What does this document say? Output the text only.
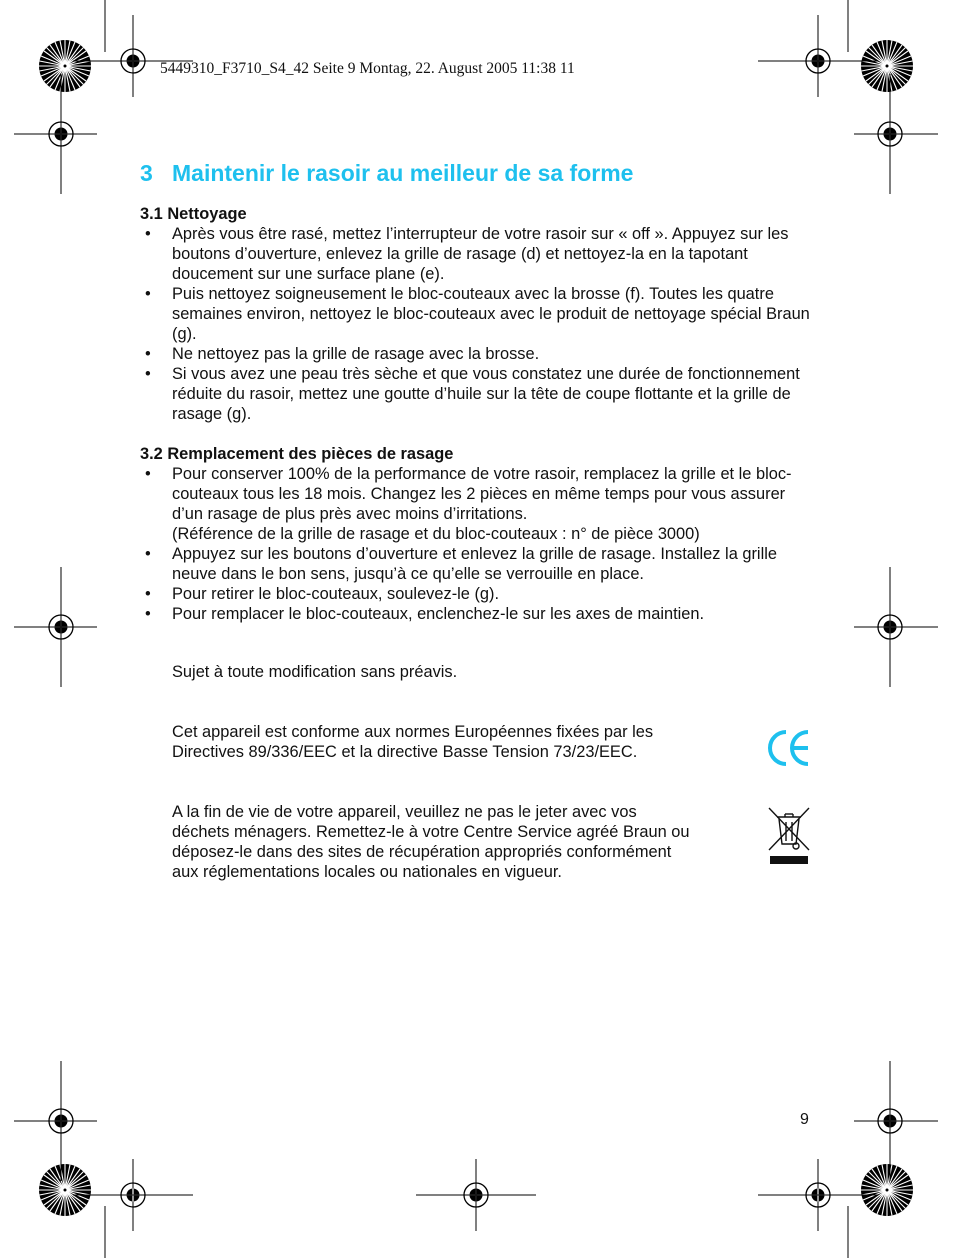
5449310_F3710_S4_42 Seite 9 Montag, 22. August 2005 11:38 11
3 Maintenir le rasoir au meilleur de sa forme

3.1 Nettoyage

• Après vous être rasé, mettez l’interrupteur de votre rasoir sur « off ». Appuyez sur les boutons d’ouverture, enlevez la grille de rasage (d) et nettoyez-la en la tapotant doucement sur une surface plane (e).
• Puis nettoyez soigneusement le bloc-couteaux avec la brosse (f). Toutes les quatre semaines environ, nettoyez le bloc-couteaux avec le produit de nettoyage spécial Braun (g).
• Ne nettoyez pas la grille de rasage avec la brosse.
• Si vous avez une peau très sèche et que vous constatez une durée de fonctionnement réduite du rasoir, mettez une goutte d’huile sur la tête de coupe flottante et la grille de rasage (g).

3.2 Remplacement des pièces de rasage

• Pour conserver 100% de la performance de votre rasoir, remplacez la grille et le bloc-couteaux tous les 18 mois. Changez les 2 pièces en même temps pour vous assurer d’un rasage de plus près avec moins d’irritations.
(Référence de la grille de rasage et du bloc-couteaux : n° de pièce 3000)
• Appuyez sur les boutons d’ouverture et enlevez la grille de rasage. Installez la grille neuve dans le bon sens, jusqu’à ce qu’elle se verrouille en place.
• Pour retirer le bloc-couteaux, soulevez-le (g).
• Pour remplacer le bloc-couteaux, enclenchez-le sur les axes de maintien.
Sujet à toute modification sans préavis.
Cet appareil est conforme aux normes Européennes fixées par les
Directives 89/336/EEC et la directive Basse Tension 73/23/EEC.
A la fin de vie de votre appareil, veuillez ne pas le jeter avec vos
déchets ménagers. Remettez-le à votre Centre Service agréé Braun ou
déposez-le dans des sites de récupération appropriés conformément
aux réglementations locales ou nationales en vigueur.
9
